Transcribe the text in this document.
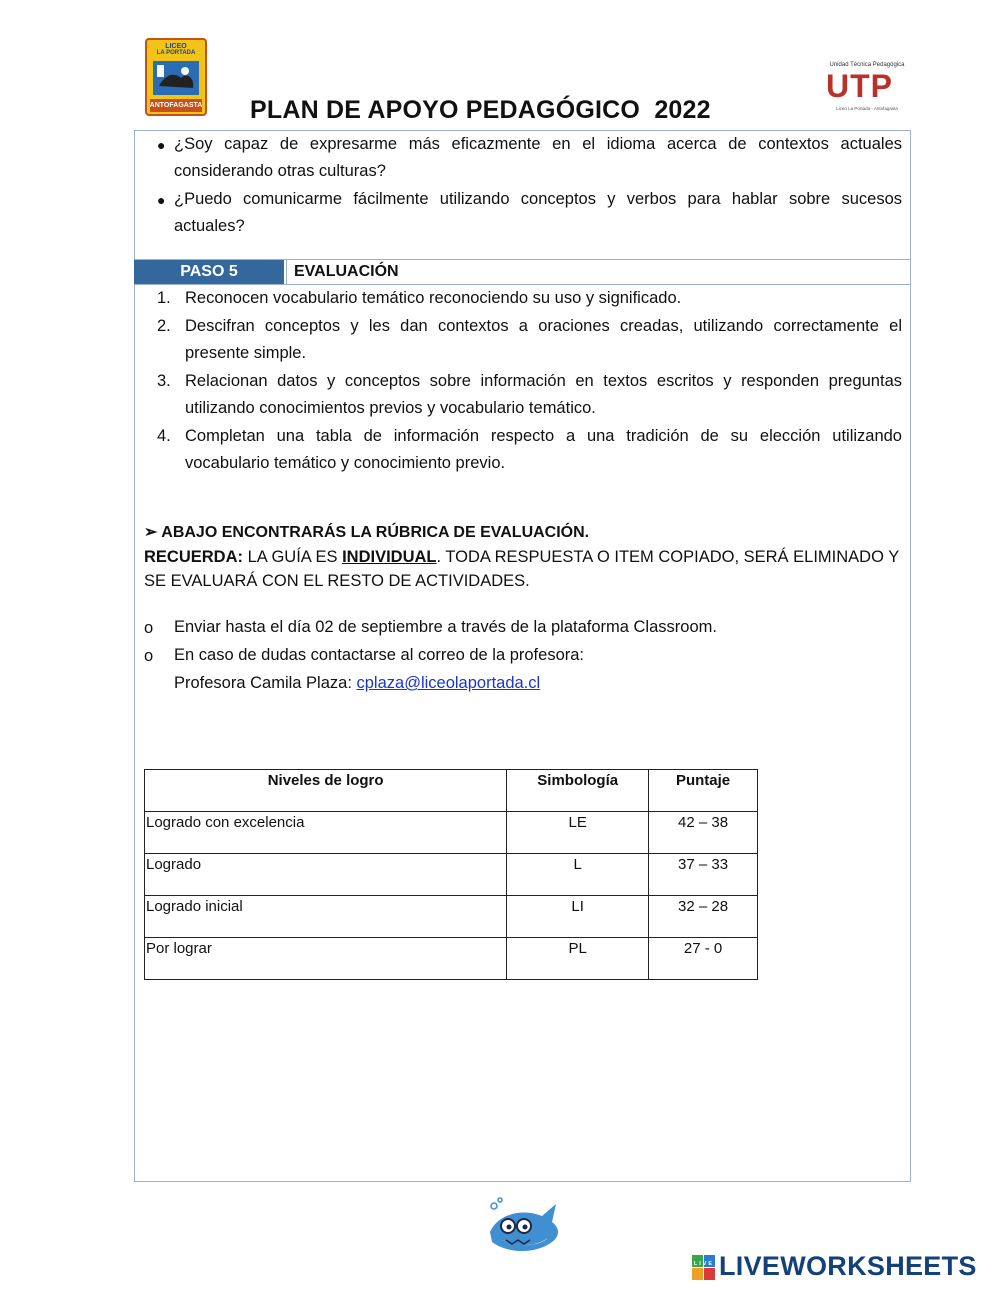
LICEO
LA PORTADA
ANTOFAGASTA
Unidad Técnica Pedagógica
UTP
Liceo La Portada - Antofagasta
PLAN DE APOYO PEDAGÓGICO  2022
● ¿Soy capaz de expresarme más eficazmente en el idioma acerca de contextos actuales considerando otras culturas?
● ¿Puedo comunicarme fácilmente utilizando conceptos y verbos para hablar sobre sucesos actuales?
PASO 5	EVALUACIÓN
1. Reconocen vocabulario temático reconociendo su uso y significado.
2. Descifran conceptos y les dan contextos a oraciones creadas, utilizando correctamente el presente simple.
3. Relacionan datos y conceptos sobre información en textos escritos y responden preguntas utilizando conocimientos previos y vocabulario temático.
4. Completan una tabla de información respecto a una tradición de su elección utilizando vocabulario temático y conocimiento previo.
➢ ABAJO ENCONTRARÁS LA RÚBRICA DE EVALUACIÓN.
RECUERDA: LA GUÍA ES INDIVIDUAL. TODA RESPUESTA O ITEM COPIADO, SERÁ ELIMINADO Y SE EVALUARÁ CON EL RESTO DE ACTIVIDADES.
o Enviar hasta el día 02 de septiembre a través de la plataforma Classroom.
o En caso de dudas contactarse al correo de la profesora:
Profesora Camila Plaza: cplaza@liceolaportada.cl
Niveles de logro	Simbología	Puntaje
Logrado con excelencia	LE	42 – 38
Logrado	L	37 – 33
Logrado inicial	LI	32 – 28
Por lograr	PL	27 - 0
LIVE LIVEWORKSHEETS
